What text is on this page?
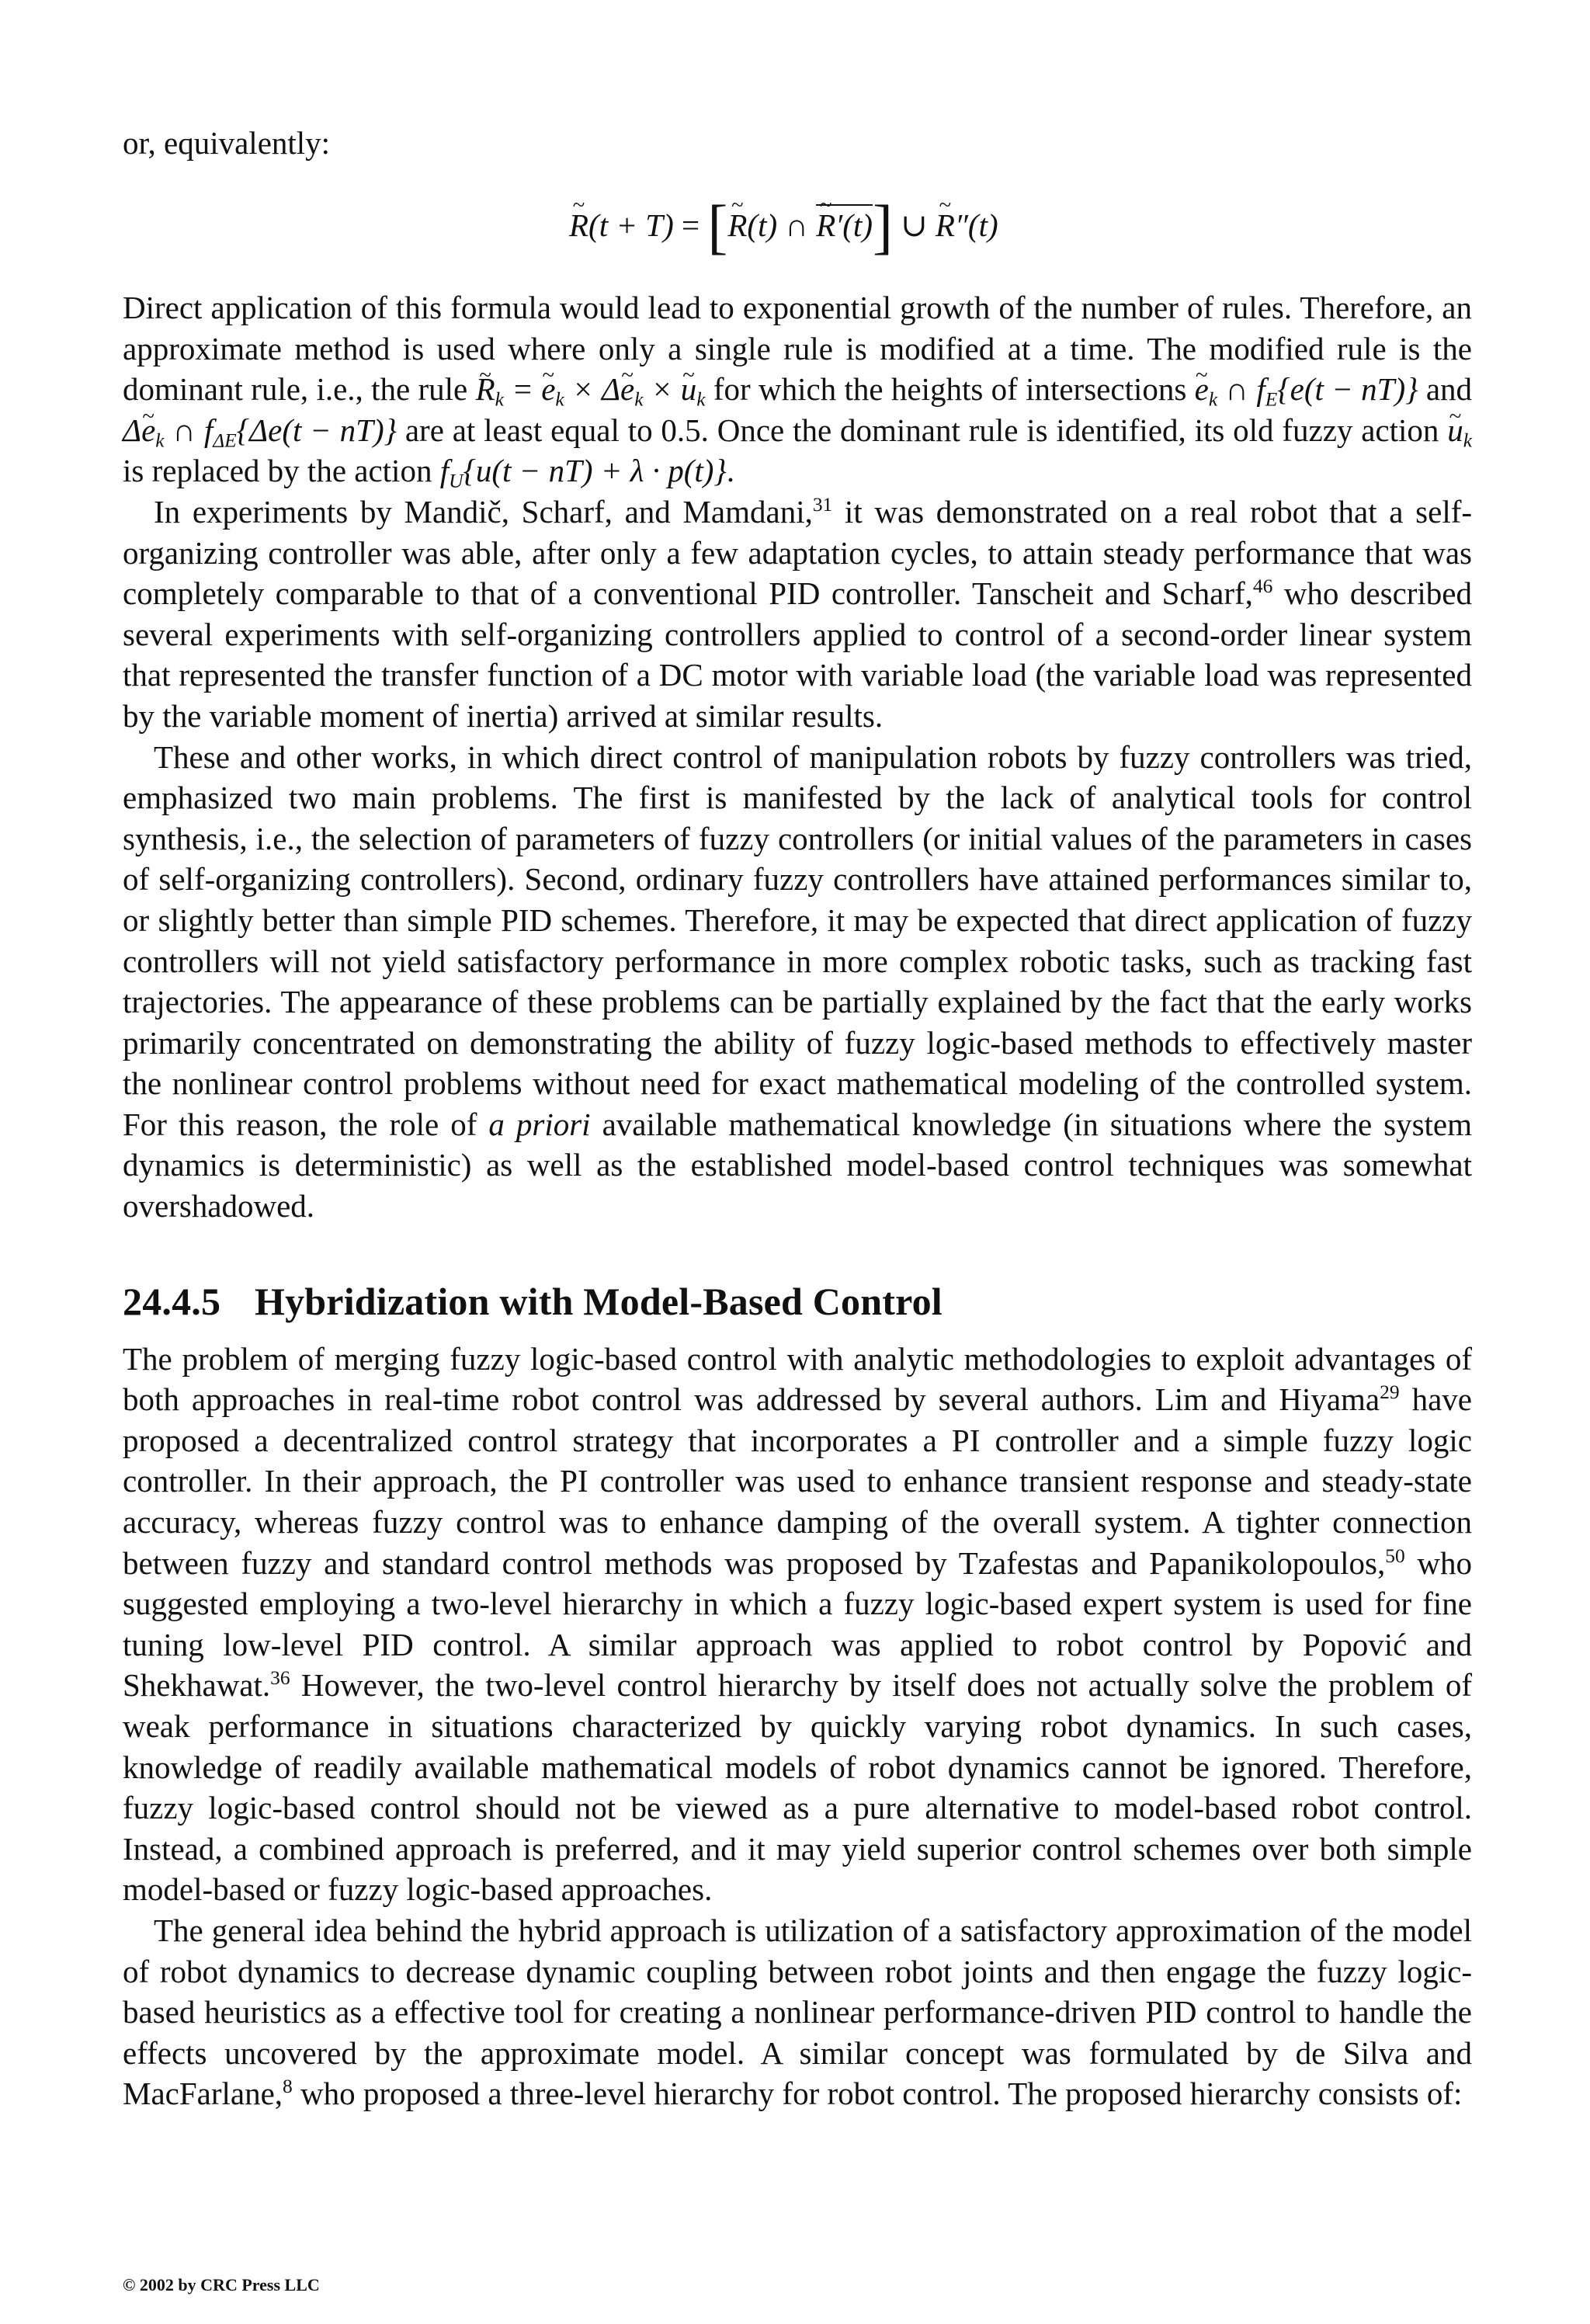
or, equivalently:

~ R(t + T) = [~ R(t) ∩ ~ R′(t)] ∪ ~ R″(t)

Direct application of this formula would lead to exponential growth of the number of rules. Therefore, an approximate method is used where only a single rule is modified at a time. The modified rule is the dominant rule, i.e., the rule ~ $R_k$ = ~ $e_k$ × Δ~ $e_k$ × ~ $u_k$ for which the heights of intersections ~ $e_k$ ∩ $f_E\{e(t - nT)\}$ and Δ~ $e_k$ ∩ $f_{\Delta E}\{\Delta e(t - nT)\}$ are at least equal to 0.5. Once the dominant rule is identified, its old fuzzy action ~ $u_k$ is replaced by the action $f_U\{u(t - nT) + \lambda \cdot p(t)\}$.

In experiments by Mandič, Scharf, and Mamdani,$^{31}$ it was demonstrated on a real robot that a self-organizing controller was able, after only a few adaptation cycles, to attain steady performance that was completely comparable to that of a conventional PID controller. Tanscheit and Scharf,$^{46}$ who described several experiments with self-organizing controllers applied to control of a second-order linear system that represented the transfer function of a DC motor with variable load (the variable load was represented by the variable moment of inertia) arrived at similar results.

These and other works, in which direct control of manipulation robots by fuzzy controllers was tried, emphasized two main problems. The first is manifested by the lack of analytical tools for control synthesis, i.e., the selection of parameters of fuzzy controllers (or initial values of the parameters in cases of self-organizing controllers). Second, ordinary fuzzy controllers have attained performances similar to, or slightly better than simple PID schemes. Therefore, it may be expected that direct application of fuzzy controllers will not yield satisfactory performance in more complex robotic tasks, such as tracking fast trajectories. The appearance of these problems can be partially explained by the fact that the early works primarily concentrated on demonstrating the ability of fuzzy logic-based methods to effectively master the nonlinear control problems without need for exact mathematical modeling of the controlled system. For this reason, the role of a priori available mathematical knowledge (in situations where the system dynamics is deterministic) as well as the established model-based control techniques was somewhat overshadowed.

24.4.5 Hybridization with Model-Based Control

The problem of merging fuzzy logic-based control with analytic methodologies to exploit advantages of both approaches in real-time robot control was addressed by several authors. Lim and Hiyama$^{29}$ have proposed a decentralized control strategy that incorporates a PI controller and a simple fuzzy logic controller. In their approach, the PI controller was used to enhance transient response and steady-state accuracy, whereas fuzzy control was to enhance damping of the overall system. A tighter connection between fuzzy and standard control methods was proposed by Tzafestas and Papanikolopoulos,$^{50}$ who suggested employing a two-level hierarchy in which a fuzzy logic-based expert system is used for fine tuning low-level PID control. A similar approach was applied to robot control by Popović and Shekhawat.$^{36}$ However, the two-level control hierarchy by itself does not actually solve the problem of weak performance in situations characterized by quickly varying robot dynamics. In such cases, knowledge of readily available mathematical models of robot dynamics cannot be ignored. Therefore, fuzzy logic-based control should not be viewed as a pure alternative to model-based robot control. Instead, a combined approach is preferred, and it may yield superior control schemes over both simple model-based or fuzzy logic-based approaches.

The general idea behind the hybrid approach is utilization of a satisfactory approximation of the model of robot dynamics to decrease dynamic coupling between robot joints and then engage the fuzzy logic-based heuristics as a effective tool for creating a nonlinear performance-driven PID control to handle the effects uncovered by the approximate model. A similar concept was formulated by de Silva and MacFarlane,$^8$ who proposed a three-level hierarchy for robot control. The proposed hierarchy consists of:

© 2002 by CRC Press LLC
